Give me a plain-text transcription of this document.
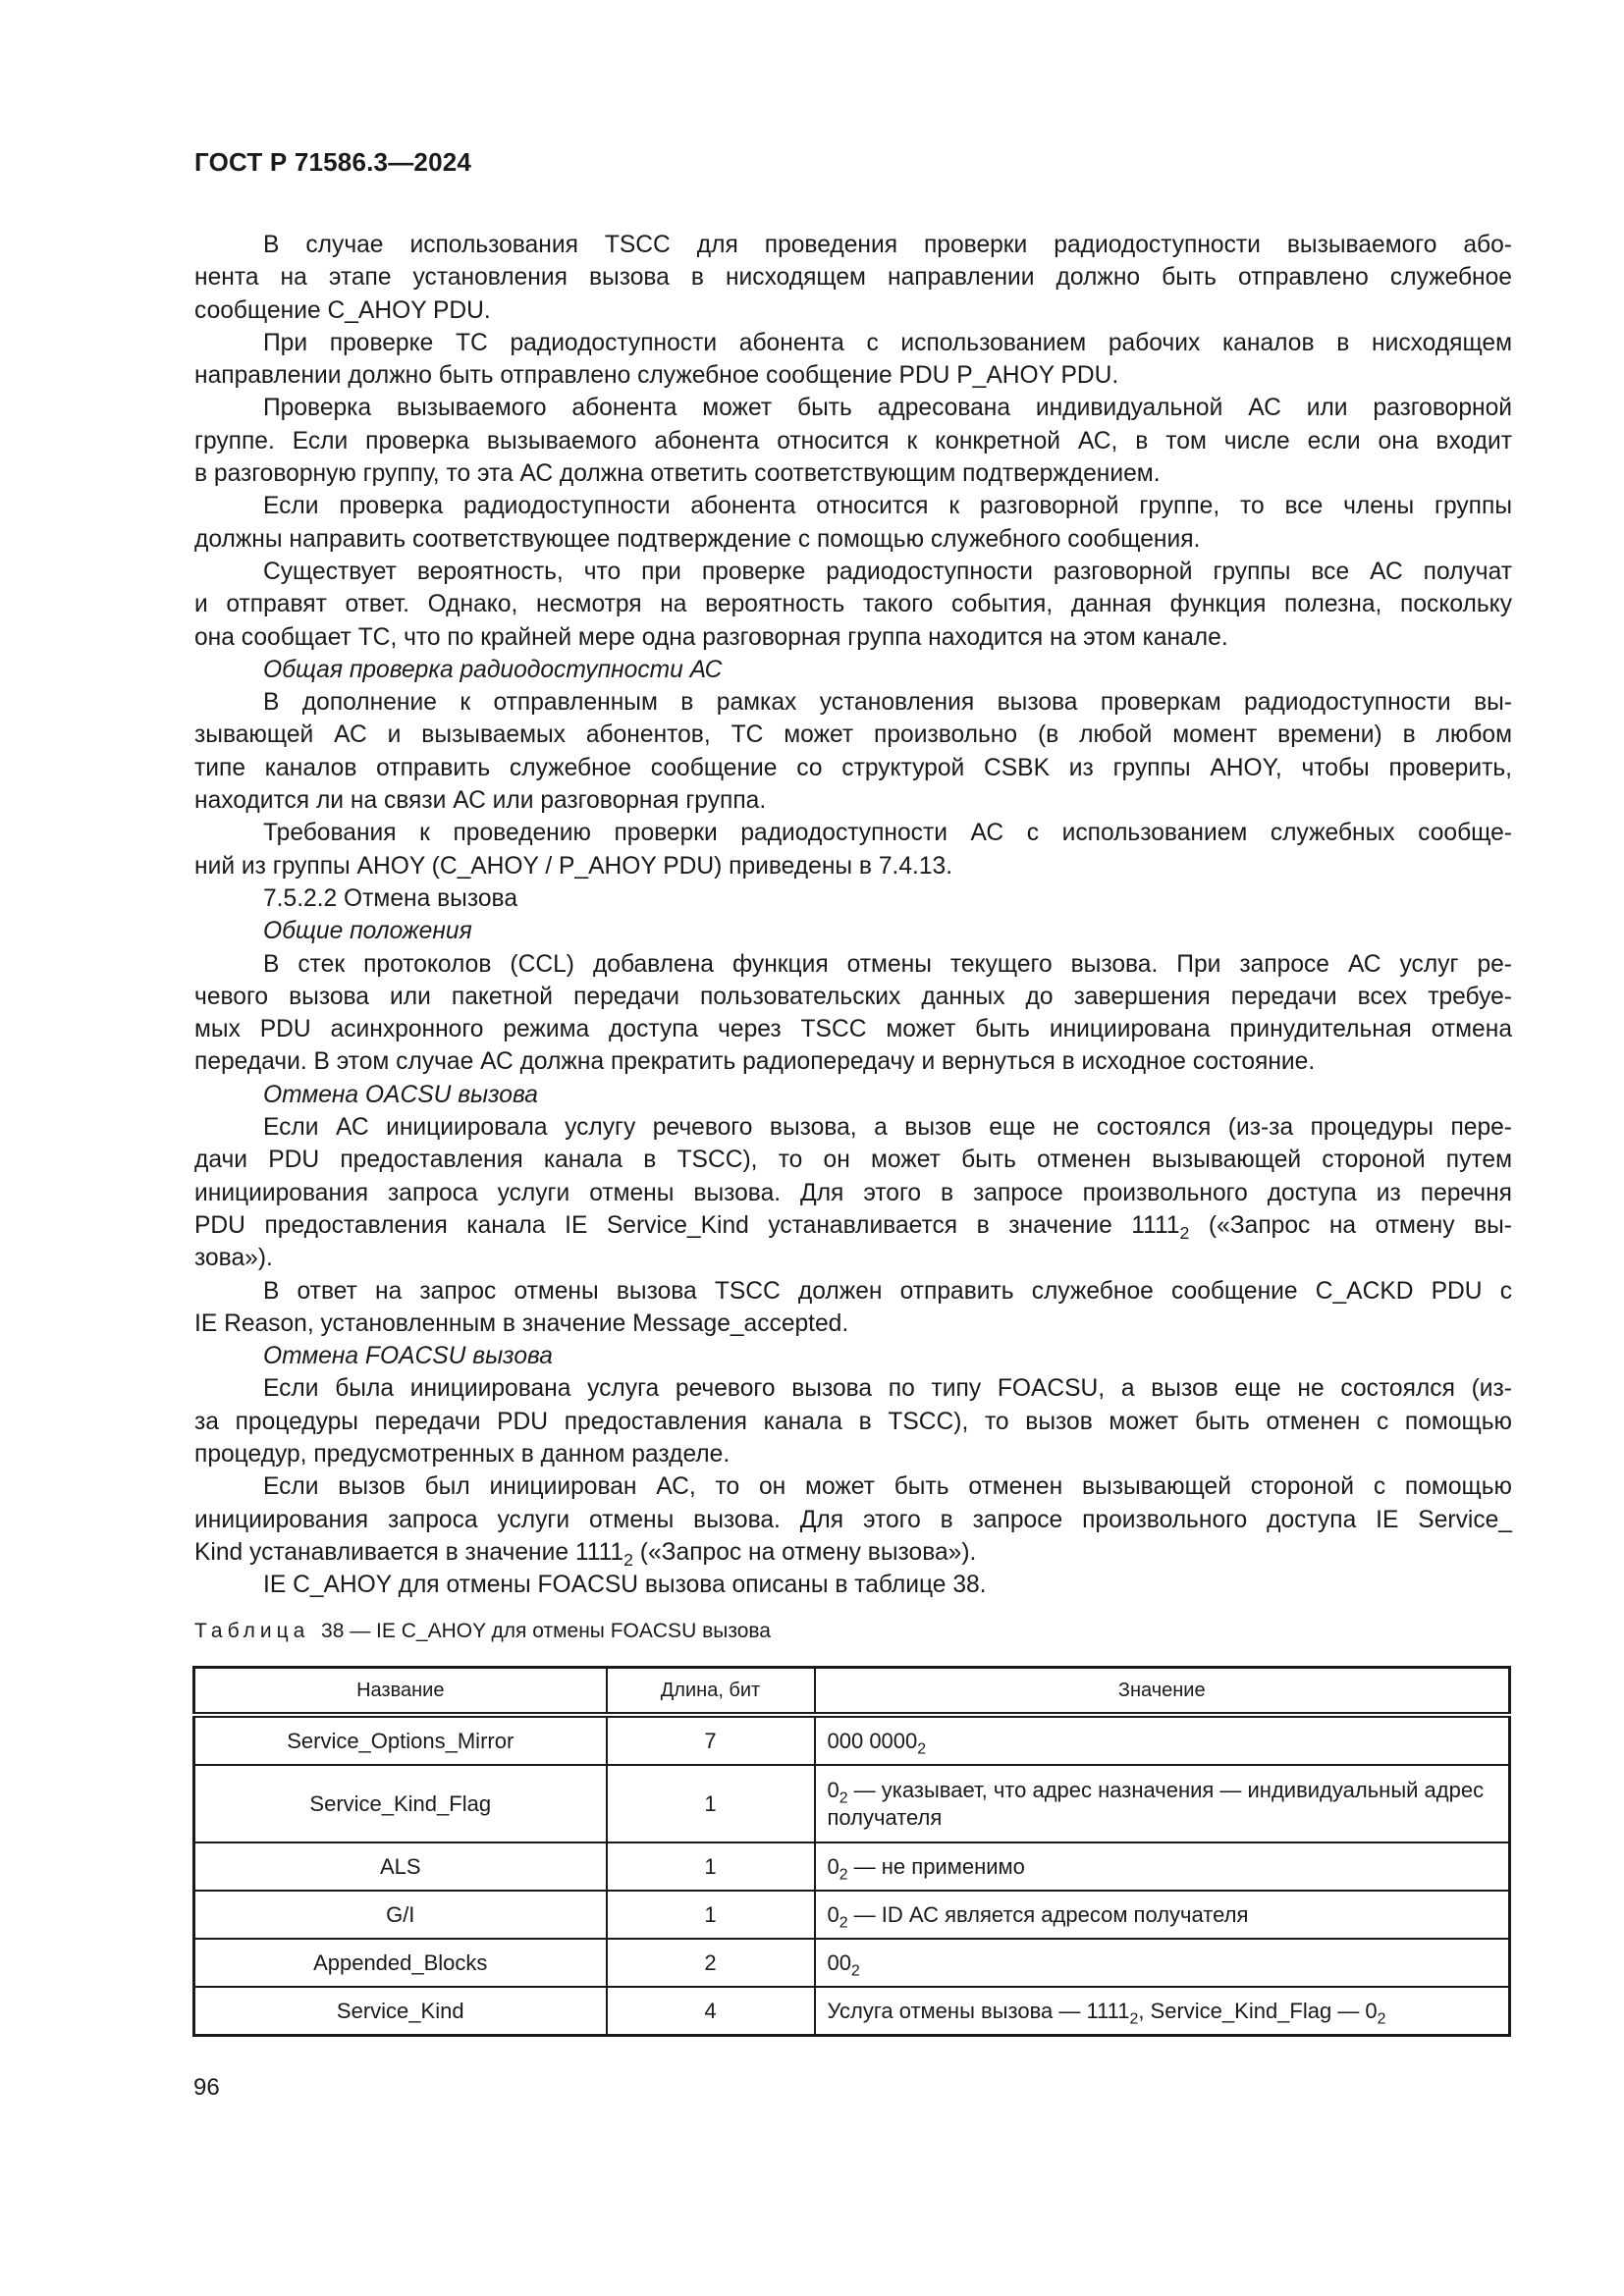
ГОСТ Р 71586.3—2024
В случае использования TSCC для проведения проверки радиодоступности вызываемого або-
нента на этапе установления вызова в нисходящем направлении должно быть отправлено служебное
сообщение C_AHOY PDU.
При проверке ТС радиодоступности абонента с использованием рабочих каналов в нисходящем
направлении должно быть отправлено служебное сообщение PDU P_AHOY PDU.
Проверка вызываемого абонента может быть адресована индивидуальной АС или разговорной
группе. Если проверка вызываемого абонента относится к конкретной АС, в том числе если она входит
в разговорную группу, то эта АС должна ответить соответствующим подтверждением.
Если проверка радиодоступности абонента относится к разговорной группе, то все члены группы
должны направить соответствующее подтверждение с помощью служебного сообщения.
Существует вероятность, что при проверке радиодоступности разговорной группы все АС получат
и отправят ответ. Однако, несмотря на вероятность такого события, данная функция полезна, поскольку
она сообщает ТС, что по крайней мере одна разговорная группа находится на этом канале.
Общая проверка радиодоступности АС
В дополнение к отправленным в рамках установления вызова проверкам радиодоступности вы-
зывающей АС и вызываемых абонентов, ТС может произвольно (в любой момент времени) в любом
типе каналов отправить служебное сообщение со структурой CSBK из группы AHOY, чтобы проверить,
находится ли на связи АС или разговорная группа.
Требования к проведению проверки радиодоступности АС с использованием служебных сообще-
ний из группы AHOY (C_AHOY / P_AHOY PDU) приведены в 7.4.13.
7.5.2.2 Отмена вызова
Общие положения
В стек протоколов (CCL) добавлена функция отмены текущего вызова. При запросе АС услуг ре-
чевого вызова или пакетной передачи пользовательских данных до завершения передачи всех требуе-
мых PDU асинхронного режима доступа через TSCC может быть инициирована принудительная отмена
передачи. В этом случае АС должна прекратить радиопередачу и вернуться в исходное состояние.
Отмена OACSU вызова
Если АС инициировала услугу речевого вызова, а вызов еще не состоялся (из-за процедуры пере-
дачи PDU предоставления канала в TSCC), то он может быть отменен вызывающей стороной путем
инициирования запроса услуги отмены вызова. Для этого в запросе произвольного доступа из перечня
PDU предоставления канала IE Service_Kind устанавливается в значение $1111_2$ («Запрос на отмену вы-
зова»).
В ответ на запрос отмены вызова TSCC должен отправить служебное сообщение C_ACKD PDU с
IE Reason, установленным в значение Message_accepted.
Отмена FOACSU вызова
Если была инициирована услуга речевого вызова по типу FOACSU, а вызов еще не состоялся (из-
за процедуры передачи PDU предоставления канала в TSCC), то вызов может быть отменен с помощью
процедур, предусмотренных в данном разделе.
Если вызов был инициирован АС, то он может быть отменен вызывающей стороной с помощью
инициирования запроса услуги отмены вызова. Для этого в запросе произвольного доступа IE Service_
Kind устанавливается в значение $1111_2$ («Запрос на отмену вызова»).
IE C_AHOY для отмены FOACSU вызова описаны в таблице 38.
Таблица 38 — IE C_AHOY для отмены FOACSU вызова
Название	Длина, бит	Значение
Service_Options_Mirror	7	000 $0000_2$
Service_Kind_Flag	1	$0_2$ — указывает, что адрес назначения — индивидуальный адрес получателя
ALS	1	$0_2$ — не применимо
G/I	1	$0_2$ — ID АС является адресом получателя
Appended_Blocks	2	$00_2$
Service_Kind	4	Услуга отмены вызова — $1111_2$, Service_Kind_Flag — $0_2$
96
